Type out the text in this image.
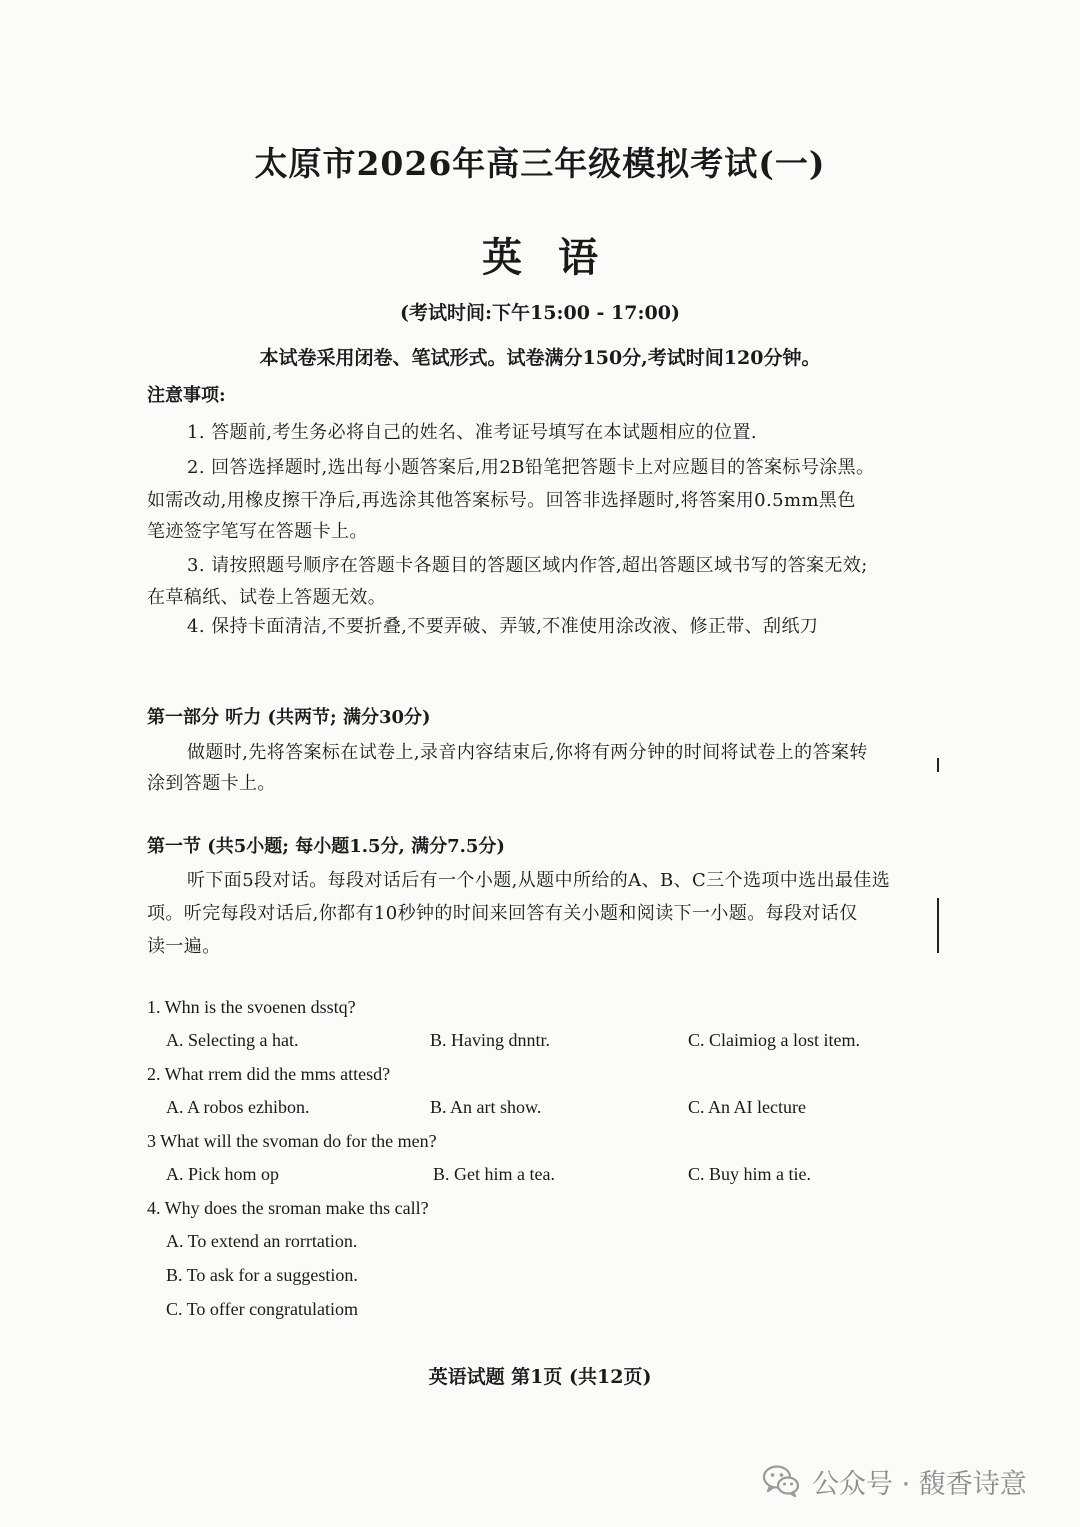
太原市2026年高三年级模拟考试(一)
英语
(考试时间:下午15:00 - 17:00)
本试卷采用闭卷、笔试形式。试卷满分150分,考试时间120分钟。
注意事项:
1. 答题前,考生务必将自己的姓名、准考证号填写在本试题相应的位置.
2. 回答选择题时,选出每小题答案后,用2B铅笔把答题卡上对应题目的答案标号涂黑。
如需改动,用橡皮擦干净后,再选涂其他答案标号。回答非选择题时,将答案用0.5mm黑色
笔迹签字笔写在答题卡上。
3. 请按照题号顺序在答题卡各题目的答题区域内作答,超出答题区域书写的答案无效;
在草稿纸、试卷上答题无效。
4. 保持卡面清洁,不要折叠,不要弄破、弄皱,不准使用涂改液、修正带、刮纸刀
第一部分 听力 (共两节; 满分30分)
做题时,先将答案标在试卷上,录音内容结束后,你将有两分钟的时间将试卷上的答案转
涂到答题卡上。
第一节 (共5小题; 每小题1.5分, 满分7.5分)
听下面5段对话。每段对话后有一个小题,从题中所给的A、B、C三个选项中选出最佳选
项。听完每段对话后,你都有10秒钟的时间来回答有关小题和阅读下一小题。每段对话仅
读一遍。
1. Whn is the svoenen dsstq?
A. Selecting a hat.	B. Having dnntr.	C. Claimiog a lost item.
2. What rrem did the mms attesd?
A. A robos ezhibon.	B. An art show.	C. An AI lecture
3 What will the svoman do for the men?
A. Pick hom op	B. Get him a tea.	C. Buy him a tie.
4. Why does the sroman make ths call?
A. To extend an rorrtation.
B. To ask for a suggestion.
C. To offer congratulatiom
英语试题 第1页 (共12页)
公众号 · 馥香诗意
